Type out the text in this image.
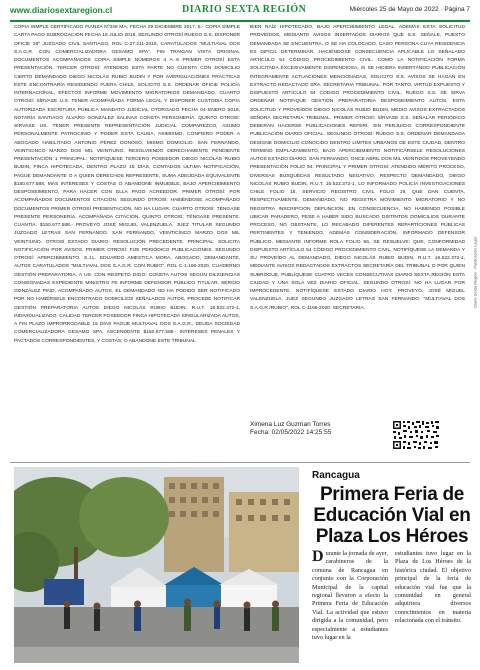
www.diariosextaregion.cl	DIARIO SEXTA REGIÓN	Miércoles 25 de Mayo de 2022 · Página 7
COPIA SIMPLE CERTIFICADO FIANZA Nº349 MA, FECHA 29 DICIEMBRE 2017. 5.- COPIA SIMPLE CARTA PAGO SUBROGACIÓN FECHA 18 JULIO 2018, SEGUNDO OTROSÍ RUEGO S.S. DISPONER OFICIE 28º JUZGADO CIVIL SANTIAGO, ROL C-27.211-2018, CARATULADOS "MULTIAVAL DOS S.A.G.R. CON COMERCIALIZADORA GESAMO SPA", FIN TRAIGAN VISTA ORIGINAL DOCUMENTOS ACOMPAÑADOS COPIA SIMPLE NÚMEROS 4 A 6 PRIMER OTROSÍ ESTA PRESENTACIÓN. TERCER OTROSÍ: ATENDIDO ESTA PARTE NO CUENTA CON DOMICILIO CIERTO DEMANDADO DIEGO NICOLÁS RUBIO BUDIN Y POR AVERIGUACIONES PRACTICAS ESTE ENCONTRARÍA RESIDIENDO FUERA CHILE, SOLICITO S.S. ORDENAR OFICIE POLICÍA INTERNACIONAL, EFECTOS INFORME MOVIMIENTO MIGRATORIOS DEMANDADO. CUARTO OTROSÍ: SÍRVASE U.S. TENER ACOMPAÑADA FORMA LEGAL Y DISPONER CUSTODIA COPIA AUTORIZADA ESCRITURA PÚBLICA MANDATO JUDICIAL OTORGADO FECHA 04 ENERO 2019, NOTARÍA SANTIAGO ÁLVARO GONZÁLEZ SALINAS CONSTA PERSONERÍA. QUINTO OTROSÍ: SÍRVASE US. TENER PRESENTE REPRESENTACIÓN JUDICIAL COMPAREZCO, ASUMO PERSONALMENTE PATROCINIO Y PODER ESTA CAUSA, ASIMISMO, CONFIERO PODER A ABOGADO HABILITADO ANTONIO PÉREZ DONOSO, MISMO DOMICILIO. SAN FERNANDO, VEINTICINCO MARZO DOS MIL VEINTIUNO. RESOLVIENDO DERECHAMENTE PENDIENTE PRESENTACIÓN 1 PRINCIPAL: NOTIFÍQUESE TERCERO POSEEDOR DIEGO NICOLÁS RUBIO BUDIN, FINCA HIPOTECADA, DENTRO PLAZO 15 DÍAS, CONTADOS ÚLTIMA NOTIFICACIÓN, PAGUE DEMANDANTE O A QUIEN DERECHOS REPRESENTE, SUMA ADEUDADA EQUIVALENTE $150.677.588, MÁS INTERESES Y COSTAS O ABANDONE INMUEBLE, BAJO APERCIBIMIENTO DESPOSEIMIENTO, PARA HACER CON ELLA PAGO ACREEDOR. PRIMER OTROSÍ: POR ACOMPAÑADOS DOCUMENTOS CITACIÓN. SEGUNDO OTROSÍ: HABIÉNDOSE ACOMPAÑADO DOCUMENTOS PRIMER OTROSÍ PRESENTACIÓN, NO HA LUGAR. CUARTO OTROSÍ: TÉNGASE PRESENTE PERSONERÍA. ACOMPAÑADA CITACIÓN. QUINTO OTROSÍ: TÉNGASE PRESENTE. CUANTÍA: $150.677.588.- PROVEYÓ JOSÉ MIGUEL VALENZUELA, JUEZ TITULAR SEGUNDO JUZGADO LETRAS SAN FERNANDO. SAN FERNANDO, VEINTICINCO MARZO DOS MIL VEINTIUNO. OTROSÍ ESTADO DIARIO. RESOLUCIÓN PRECEDENTE. PRINCIPAL: SOLICITA NOTIFICACIÓN POR AVISOS. PRIMER OTROSÍ: FIJE PERIÓDICO PUBLICACIONES. SEGUNDO OTROSÍ: APERCIBIMIENTO. S.J.L. EDUARDO AMESTICA MORA, ABOGADO, DEMANDANTE, AUTOS CARATULADOS "MULTIAVAL DOS S.A.G.R. CON RUBIO", ROL C-1.166-2020, CUADERNO GESTIÓN PREPARATORIA, A US. CON RESPETO DIGO: CONSTA AUTOS SEGÚN DILIGENCIAS CONSIGNADAS EXPEDIENTE MINISTRO FE INFORME DEFENSOR PÚBLICO TITULAR, SERGIO GONZÁLEZ PINO, ACOMPAÑADO AUTOS, EL DEMANDADO NO HA PODIDO SER NOTIFICADO POR NO HABÉRSELE ENCONTRADO DOMICILIOS SEÑALADOS AUTOS, PROCEDE NOTIFICAR GESTIÓN PREPARATORIA AUTOS DIEGO NICOLÁS RUBIO BUDIN, R.U.T. 16.522.372-1, INDIVIDUALIZADO, CALIDAD TERCER POSEEDOR FINCA HIPOTECADA SINGULARIZADA AUTOS, A FIN PLAZO IMPRORROGABLE 15 DÍAS PAGUE MULTIAVAL DOS S.A.G.R., DEUDA SOCIEDAD COMERCIALIZADORA GESAMO SPA, ASCENDENTE $150.677.588.- INTERESES PENALES Y PACTADOS CORRESPONDIENTES, Y COSTAS; O ABANDONE ESTE TRIBUNAL
BIEN RAÍZ HIPOTECADO, BAJO APERCIBIMIENTO LEGAL. ADEMÁS ESTA SOLICITUD PROVEÍDOS, MEDIANTE AVISOS INSERTADOS DIARIOS QUE S.S. SEÑALE, PUESTO DEMANDADA SE ENCUENTRA, O SE HA COLOCADO, CASO PERSONA CUYA RESIDENCIA ES DIFÍCIL DETERMINAR, HACIÉNDOSE CONSECUENCIA APLICABLE LO SEÑALADO ARTÍCULO 54 CÓDIGO PROCEDIMIENTO CIVIL. COMO LA NOTIFICACIÓN FORMA SOLICITADA EXCESIVAMENTE DISPENDIOSA, SI SE HICIERA INSERTÁNDO PUBLICACIÓN ÍNTEGRAMENTE ACTUACIONES MENCIONADAS, SOLICITO S.S. AVISOS SE HAGAN EN EXTRACTO REDACTADO SRA. SECRETARIA TRIBUNAL. POR TANTO, VIRTUD EXPUESTO Y DISPUESTO ARTÍCULO 54 CÓDIGO PROCEDIMIENTO CIVIL, RUEGO S.S. SE SIRVA ORDENAR NOTIFIQUE GESTIÓN PREPARATORIA DESPOSEIMIENTO AUTOS, ESTA SOLICITUD Y PROVEÍDOS DIEGO NICOLÁS RUBIO BUDIN, MEDIO AVISOS EXTRACTADOS SEÑORA SECRETARIA TRIBUNAL. PRIMER OTROSÍ: SÍRVASE S.S. SEÑALAR PERIÓDICO DEBERÁN HACERSE PUBLICACIONES REFERÍ, SIN PERJUICIO CORRESPONDIENTE PUBLICACIÓN DIARIO OFICIAL. SEGUNDO OTROSÍ: RUEGO S.S. ORDENAR DEMANDADA DESIGNE DOMICILIO CONOCIDO DENTRO LÍMITES URBANOS DE ESTE CIUDAD, DENTRO TÉRMINO EMPLAZAMIENTO, BAJO APERCIBIMIENTO NOTIFICÁRSELE RESOLUCIONES AUTOS ESTADO DIARIO. SAN FERNANDO, ONCE ABRIL DOS MIL VEINTIDÓS PROVEYENDO PRESENTACIÓN FOLIO 94: PRINCIPAL Y PRIMER OTROSÍ: ATENDIDO MÉRITO PROCESO, DIVERSAS BÚSQUEDAS RESULTADO NEGATIVO, RESPECTO DEMANDADO, DIEGO NICOLÁS RUBIO BUDIN, R.U.T. 16.522.372-1, LO INFORMADO POLICÍA INVESTIGACIONES CHILE FOLIO 15, SERVICIO REGISTRO CIVIL FOLIO 19, QUE DAN CUENTA, RESPECTIVAMENTE, DEMANDADO, NO REGISTRA MOVIMIENTO MIGRATORIO Y NO REGISTRA INSCRIPCIÓN DEFUNCIÓN; EN CONSECUENCIA, NO HABIENDO POSIBLE UBICAR PARADERO, PESE A HABER SIDO BUSCADO DISTINTOS DOMICILIOS DURANTE PROCESO, NO OBSTANTE, LO RECABADO DIFERENTES REPARTICIONES PÚBLICAS PERTINENTES Y TENIENDO, ADEMÁS CONSIDERACIÓN, INFORMADO DEFENSOR PÚBLICO, MEDIANTE INFORME ROLA FOLIO 56, SE RESUELVE: QUE, CONFORMIDAD DISPUESTO ARTÍCULO 54 CÓDIGO PROCEDIMIENTO CIVIL, NOTIFÍQUESE LA DEMANDA Y SU PROVEÍDO AL DEMANDADO, DIEGO NICOLÁS RUBIO BUDIN, R.U.T. 16.522.372-1, MEDIANTE AVISOS REDACTADOS EXTRACTOS SECRETARÍA DEL TRIBUNAL O POR QUIEN SUBROGUE, PUBLÍQUESE CUATRO VECES CONSECUTIVAS DIARIO SEXTA REGIÓN ESTA CIUDAD Y UNA SOLA VEZ DIARIO OFICIAL. SEGUNDO OTROSÍ: NO HA LUGAR POR IMPROCEDENTE. NOTIFÍQUESE ESTADO DIARIO HOY. PROVEYÓ, JOSÉ MIGUEL VALENZUELA, JUEZ SEGUNDO JUZGADO LETRAS SAN FERNANDO. "MULTIAVAL DOS S.A.G.R./RUBIO", ROL C-1166-2020. SECRETARIA.
Diario Sexta Región · Publicación Legal
Ximena Luz Guzman Torres
Fecha: 02/05/2022 14:25:55
Rancagua
Primera Feria de Educación Vial en Plaza Los Héroes
Durante la jornada de ayer, carabineros de la comuna de Rancagua en conjunto con la Corporación Municipal de la capital regional llevaron a efecto la Primera Feria de Educación Vial. La actividad que estuvo dirigida a la comunidad, pero especialmente a estudiantes tuvo lugar en la
estudiantes tuvo lugar en la Plaza de Los Héroes de la histórica ciudad. El objetivo principal de la feria de educación vial fue que la comunidad en general adquiriera diversos conocimientos en materia relacionada con el tránsito.
